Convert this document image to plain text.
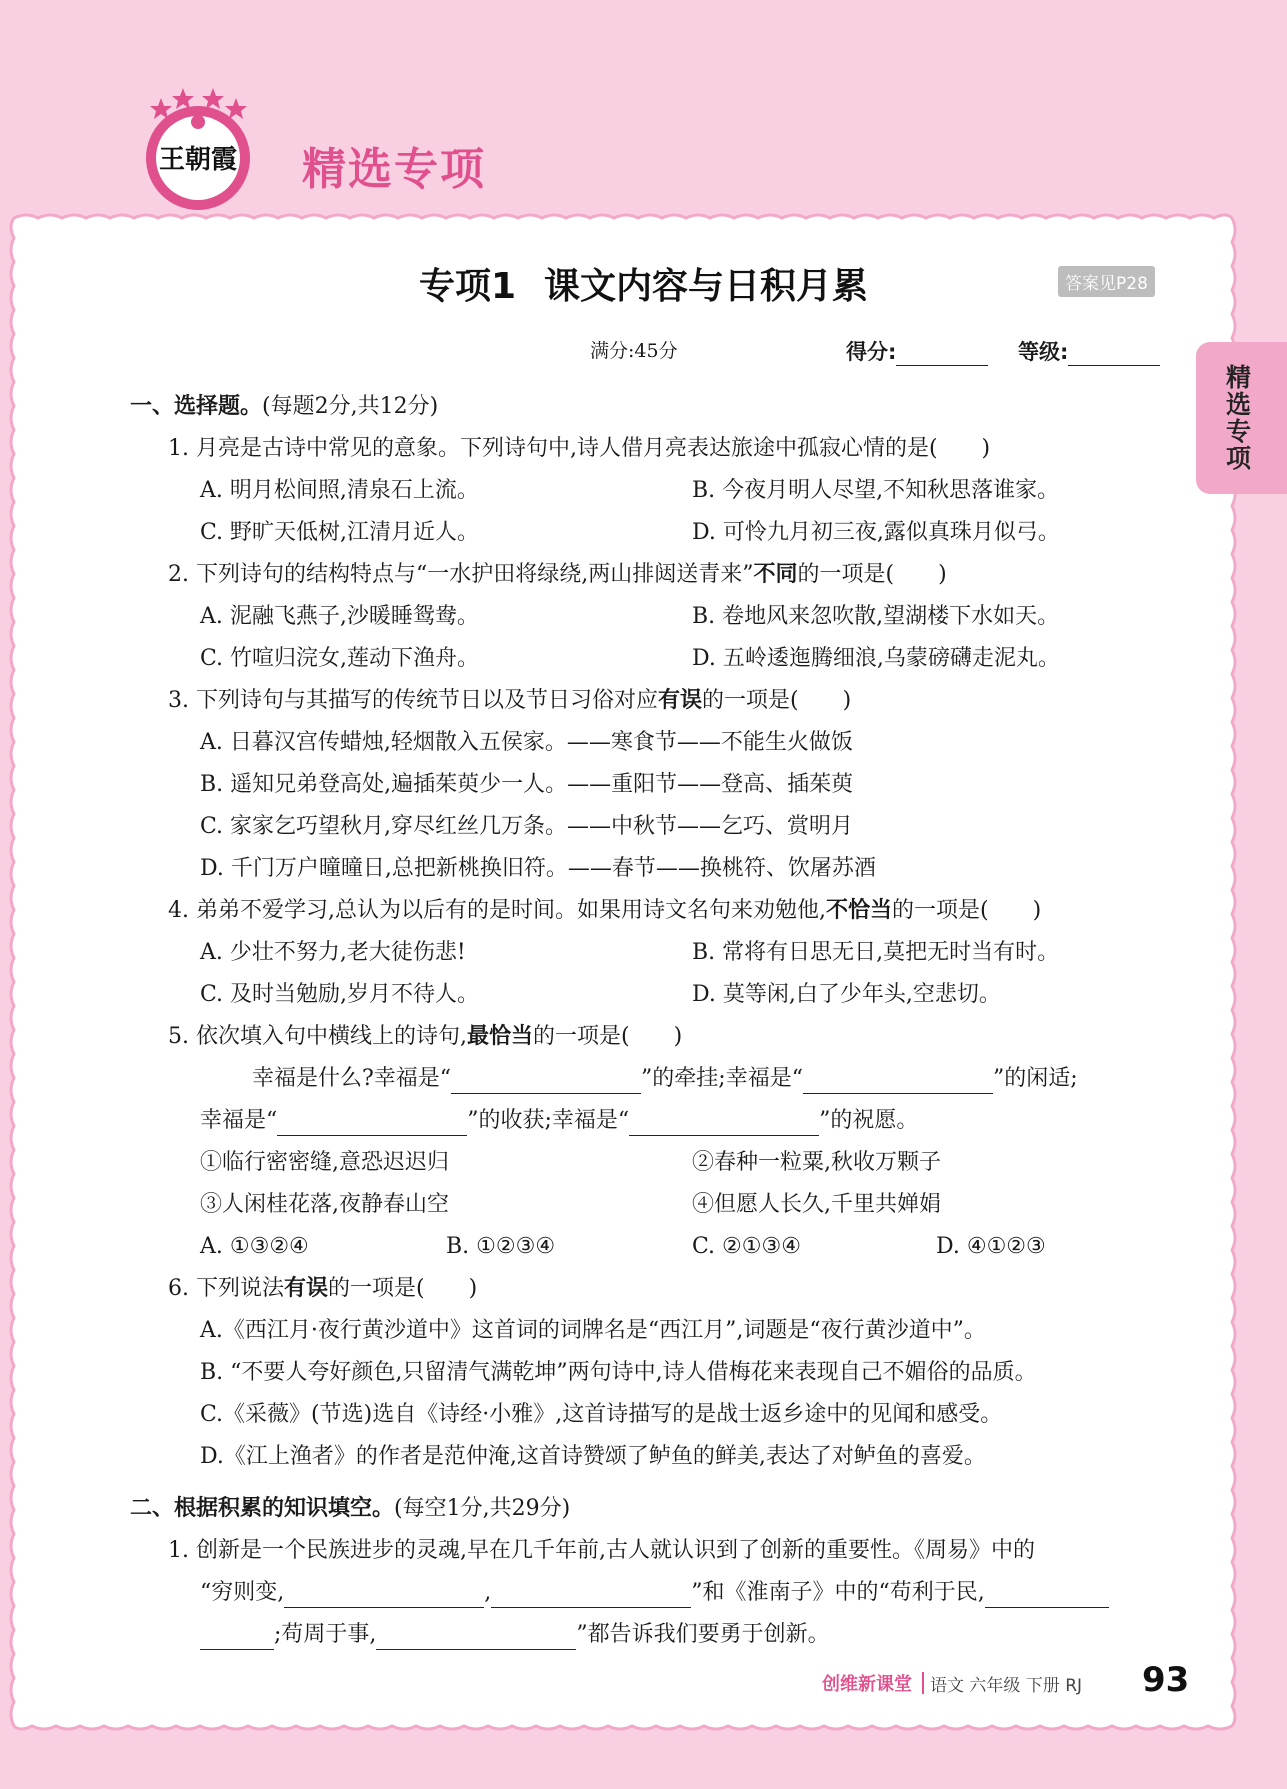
王朝霞 精选专项
精选专项
专项1 课文内容与日积月累	答案见P28
满分:45分	得分:	等级:
一、选择题。(每题2分,共12分)
1. 月亮是古诗中常见的意象。下列诗句中,诗人借月亮表达旅途中孤寂心情的是(　　)
A. 明月松间照,清泉石上流。	B. 今夜月明人尽望,不知秋思落谁家。
C. 野旷天低树,江清月近人。	D. 可怜九月初三夜,露似真珠月似弓。
2. 下列诗句的结构特点与“一水护田将绿绕,两山排闼送青来”不同的一项是(　　)
A. 泥融飞燕子,沙暖睡鸳鸯。	B. 卷地风来忽吹散,望湖楼下水如天。
C. 竹喧归浣女,莲动下渔舟。	D. 五岭逶迤腾细浪,乌蒙磅礴走泥丸。
3. 下列诗句与其描写的传统节日以及节日习俗对应有误的一项是(　　)
A. 日暮汉宫传蜡烛,轻烟散入五侯家。——寒食节——不能生火做饭
B. 遥知兄弟登高处,遍插茱萸少一人。——重阳节——登高、插茱萸
C. 家家乞巧望秋月,穿尽红丝几万条。——中秋节——乞巧、赏明月
D. 千门万户曈曈日,总把新桃换旧符。——春节——换桃符、饮屠苏酒
4. 弟弟不爱学习,总认为以后有的是时间。如果用诗文名句来劝勉他,不恰当的一项是(　　)
A. 少壮不努力,老大徒伤悲!	B. 常将有日思无日,莫把无时当有时。
C. 及时当勉励,岁月不待人。	D. 莫等闲,白了少年头,空悲切。
5. 依次填入句中横线上的诗句,最恰当的一项是(　　)
幸福是什么?幸福是“	”的牵挂;幸福是“	”的闲适;
幸福是“	”的收获;幸福是“	”的祝愿。
①临行密密缝,意恐迟迟归	②春种一粒粟,秋收万颗子
③人闲桂花落,夜静春山空	④但愿人长久,千里共婵娟
A. ①③②④	B. ①②③④	C. ②①③④	D. ④①②③
6. 下列说法有误的一项是(　　)
A.《西江月·夜行黄沙道中》这首词的词牌名是“西江月”,词题是“夜行黄沙道中”。
B. “不要人夸好颜色,只留清气满乾坤”两句诗中,诗人借梅花来表现自己不媚俗的品质。
C.《采薇》(节选)选自《诗经·小雅》,这首诗描写的是战士返乡途中的见闻和感受。
D.《江上渔者》的作者是范仲淹,这首诗赞颂了鲈鱼的鲜美,表达了对鲈鱼的喜爱。
二、根据积累的知识填空。(每空1分,共29分)
1. 创新是一个民族进步的灵魂,早在几千年前,古人就认识到了创新的重要性。《周易》中的
“穷则变,	,	”和《淮南子》中的“苟利于民,
;苟周于事,	”都告诉我们要勇于创新。
创维新课堂 语文 六年级 下册 RJ 93
